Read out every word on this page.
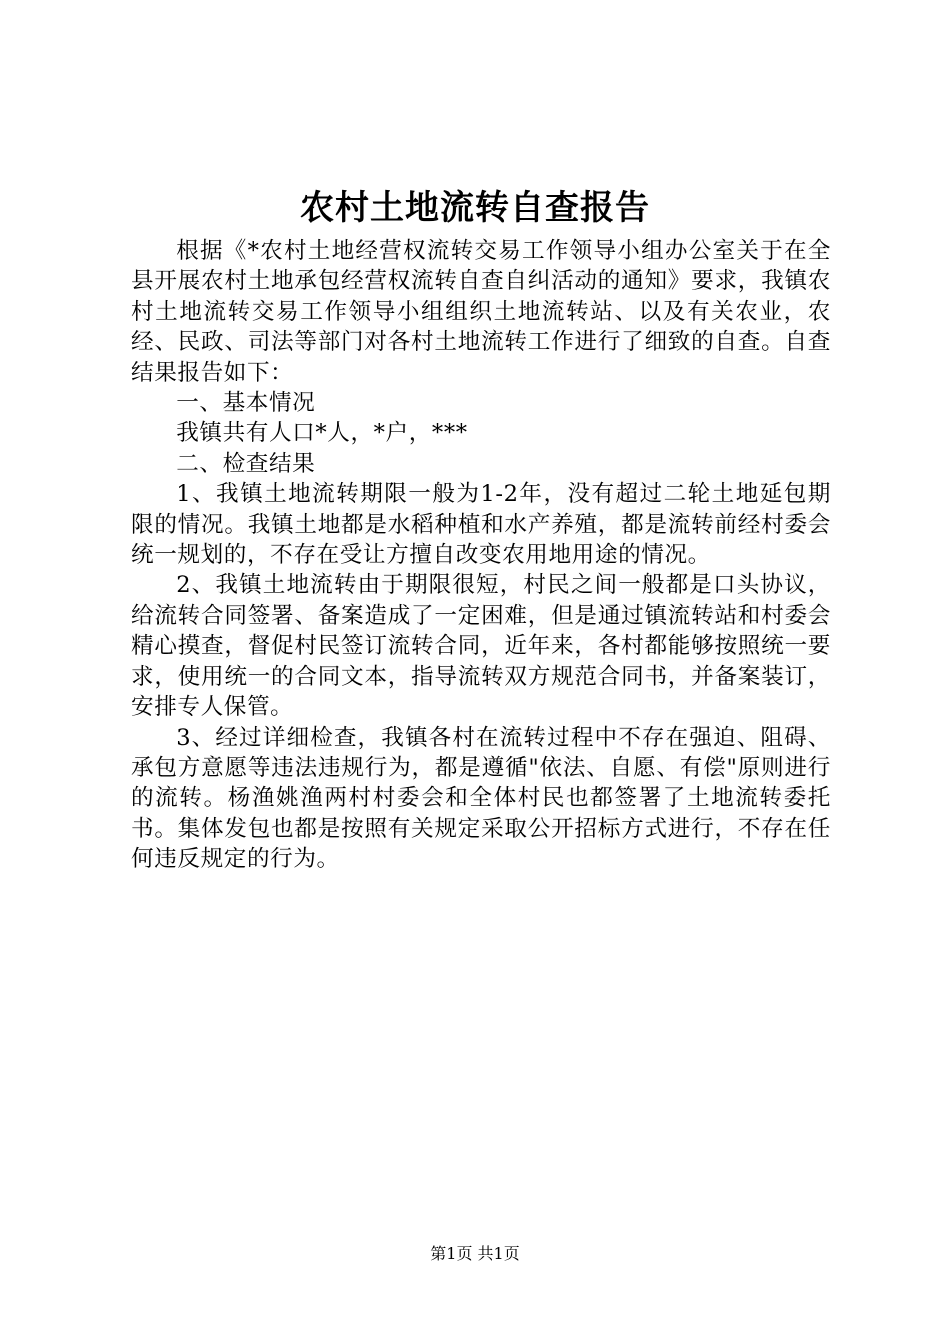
农村土地流转自查报告

根据《*农村土地经营权流转交易工作领导小组办公室关于在全县开展农村土地承包经营权流转自查自纠活动的通知》要求，我镇农村土地流转交易工作领导小组组织土地流转站、以及有关农业，农经、民政、司法等部门对各村土地流转工作进行了细致的自查。自查结果报告如下：

一、基本情况

我镇共有人口*人，*户，***

二、检查结果

1、我镇土地流转期限一般为1-2年，没有超过二轮土地延包期限的情况。我镇土地都是水稻种植和水产养殖，都是流转前经村委会统一规划的，不存在受让方擅自改变农用地用途的情况。

2、我镇土地流转由于期限很短，村民之间一般都是口头协议，给流转合同签署、备案造成了一定困难，但是通过镇流转站和村委会精心摸查，督促村民签订流转合同，近年来，各村都能够按照统一要求，使用统一的合同文本，指导流转双方规范合同书，并备案装订，安排专人保管。

3、经过详细检查，我镇各村在流转过程中不存在强迫、阻碍、承包方意愿等违法违规行为，都是遵循"依法、自愿、有偿"原则进行的流转。杨渔姚渔两村村委会和全体村民也都签署了土地流转委托书。集体发包也都是按照有关规定采取公开招标方式进行，不存在任何违反规定的行为。

第1页 共1页
